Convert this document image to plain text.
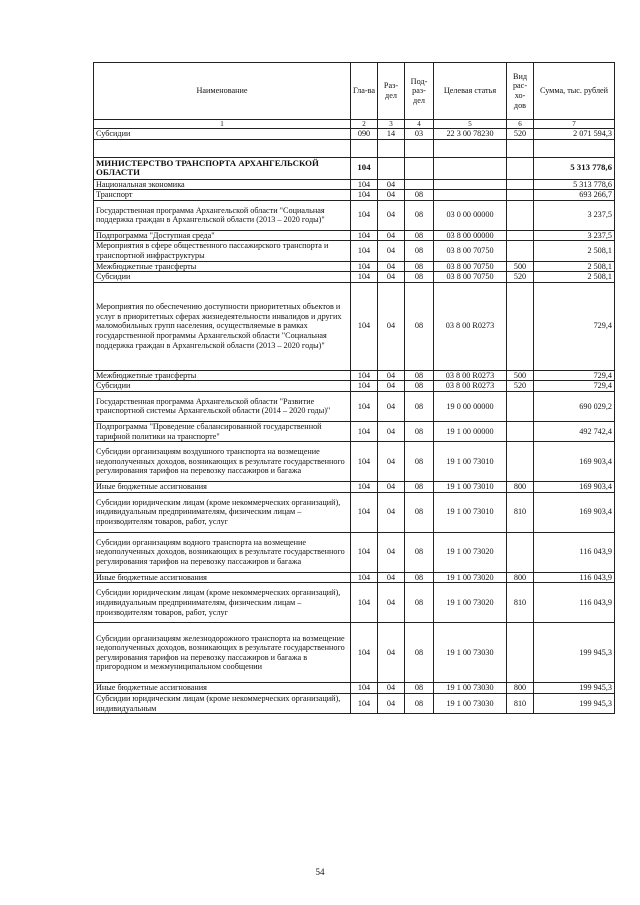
Наименование	Гла-ва	Раз-дел	Под-раз-дел	Целевая статья	Вид рас-хо-дов	Сумма, тыс. рублей
1	2	3	4	5	6	7
Субсидии	090	14	03	22 3 00 78230	520	2 071 594,3

МИНИСТЕРСТВО ТРАНСПОРТА АРХАНГЕЛЬСКОЙ ОБЛАСТИ	104					5 313 778,6
Национальная экономика	104	04				5 313 778,6
Транспорт	104	04	08			693 266,7
Государственная программа Архангельской области "Социальная поддержка граждан в Архангельской области (2013 – 2020 годы)"	104	04	08	03 0 00 00000		3 237,5
Подпрограмма "Доступная среда"	104	04	08	03 8 00 00000		3 237,5
Мероприятия в сфере общественного пассажирского транспорта и транспортной инфраструктуры	104	04	08	03 8 00 70750		2 508,1
Межбюджетные трансферты	104	04	08	03 8 00 70750	500	2 508,1
Субсидии	104	04	08	03 8 00 70750	520	2 508,1
Мероприятия по обеспечению доступности приоритетных объектов и услуг в приоритетных сферах жизнедеятельности инвалидов и других маломобильных групп населения, осуществляемые в рамках государственной программы Архангельской области "Социальная поддержка граждан в Архангельской области (2013 – 2020 годы)"	104	04	08	03 8 00 R0273		729,4
Межбюджетные трансферты	104	04	08	03 8 00 R0273	500	729,4
Субсидии	104	04	08	03 8 00 R0273	520	729,4
Государственная программа Архангельской области "Развитие транспортной системы Архангельской области (2014 – 2020 годы)"	104	04	08	19 0 00 00000		690 029,2
Подпрограмма "Проведение сбалансированной государственной тарифной политики на транспорте"	104	04	08	19 1 00 00000		492 742,4
Субсидии организациям воздушного транспорта на возмещение недополученных доходов, возникающих в результате государственного регулирования тарифов на перевозку пассажиров и багажа	104	04	08	19 1 00 73010		169 903,4
Иные бюджетные ассигнования	104	04	08	19 1 00 73010	800	169 903,4
Субсидии юридическим лицам (кроме некоммерческих организаций), индивидуальным предпринимателям, физическим лицам – производителям товаров, работ, услуг	104	04	08	19 1 00 73010	810	169 903,4
Субсидии организациям водного транспорта на возмещение недополученных доходов, возникающих в результате государственного регулирования тарифов на перевозку пассажиров и багажа	104	04	08	19 1 00 73020		116 043,9
Иные бюджетные ассигнования	104	04	08	19 1 00 73020	800	116 043,9
Субсидии юридическим лицам (кроме некоммерческих организаций), индивидуальным предпринимателям, физическим лицам – производителям товаров, работ, услуг	104	04	08	19 1 00 73020	810	116 043,9
Субсидии организациям железнодорожного транспорта на возмещение недополученных доходов, возникающих в результате государственного регулирования тарифов на перевозку пассажиров и багажа в пригородном и межмуниципальном сообщении	104	04	08	19 1 00 73030		199 945,3
Иные бюджетные ассигнования	104	04	08	19 1 00 73030	800	199 945,3
Субсидии юридическим лицам (кроме некоммерческих организаций), индивидуальным	104	04	08	19 1 00 73030	810	199 945,3
54
